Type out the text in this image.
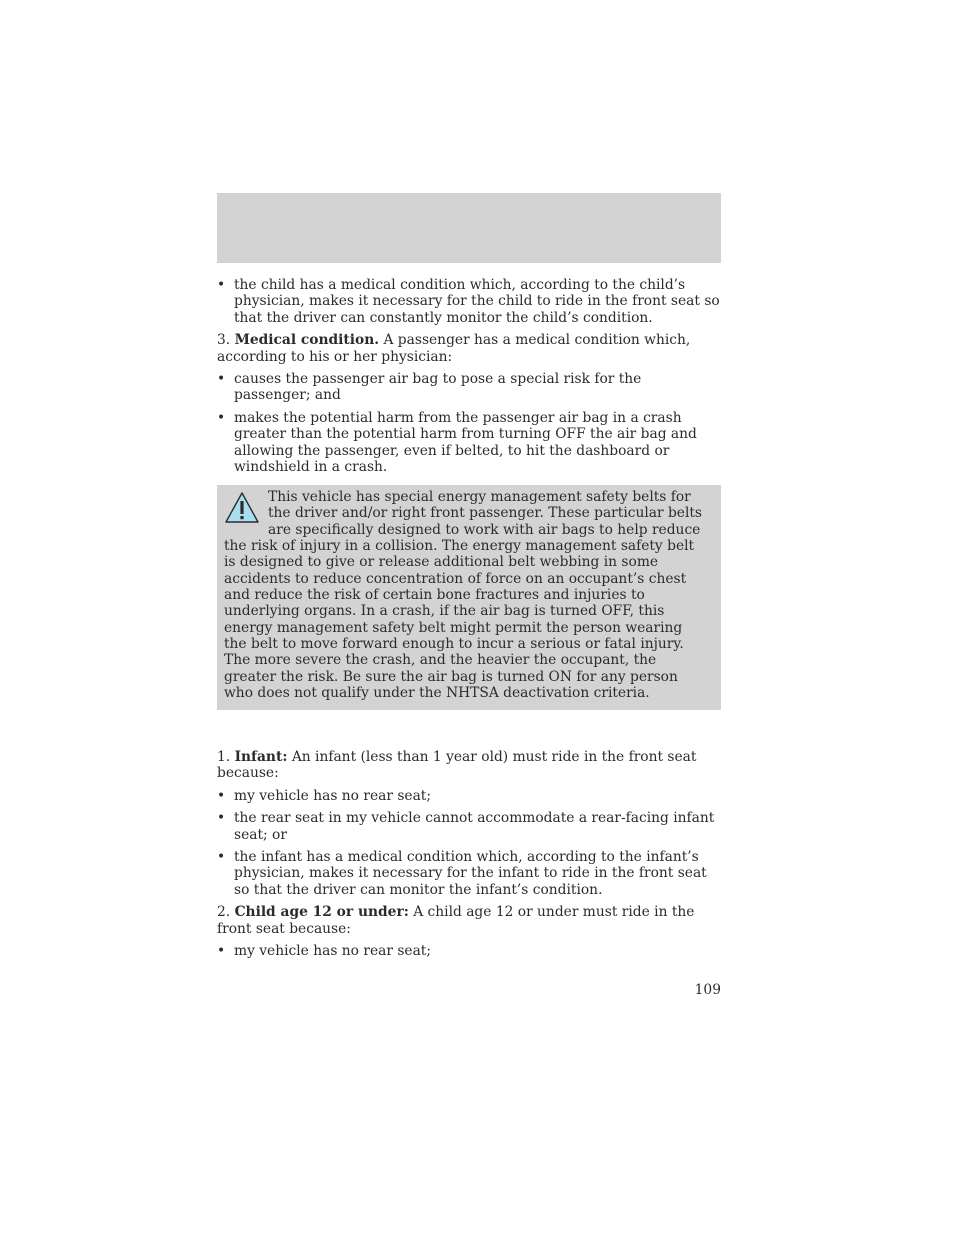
• the child has a medical condition which, according to the child’s physician, makes it necessary for the child to ride in the front seat so that the driver can constantly monitor the child’s condition.

3. Medical condition. A passenger has a medical condition which, according to his or her physician:

• causes the passenger air bag to pose a special risk for the passenger; and
• makes the potential harm from the passenger air bag in a crash greater than the potential harm from turning OFF the air bag and allowing the passenger, even if belted, to hit the dashboard or windshield in a crash.
This vehicle has special energy management safety belts for the driver and/or right front passenger. These particular belts are specifically designed to work with air bags to help reduce the risk of injury in a collision. The energy management safety belt is designed to give or release additional belt webbing in some accidents to reduce concentration of force on an occupant’s chest and reduce the risk of certain bone fractures and injuries to underlying organs. In a crash, if the air bag is turned OFF, this energy management safety belt might permit the person wearing the belt to move forward enough to incur a serious or fatal injury. The more severe the crash, and the heavier the occupant, the greater the risk. Be sure the air bag is turned ON for any person who does not qualify under the NHTSA deactivation criteria.

1. Infant: An infant (less than 1 year old) must ride in the front seat because:

• my vehicle has no rear seat;
• the rear seat in my vehicle cannot accommodate a rear-facing infant seat; or
• the infant has a medical condition which, according to the infant’s physician, makes it necessary for the infant to ride in the front seat so that the driver can monitor the infant’s condition.

2. Child age 12 or under: A child age 12 or under must ride in the front seat because:

• my vehicle has no rear seat;
109
